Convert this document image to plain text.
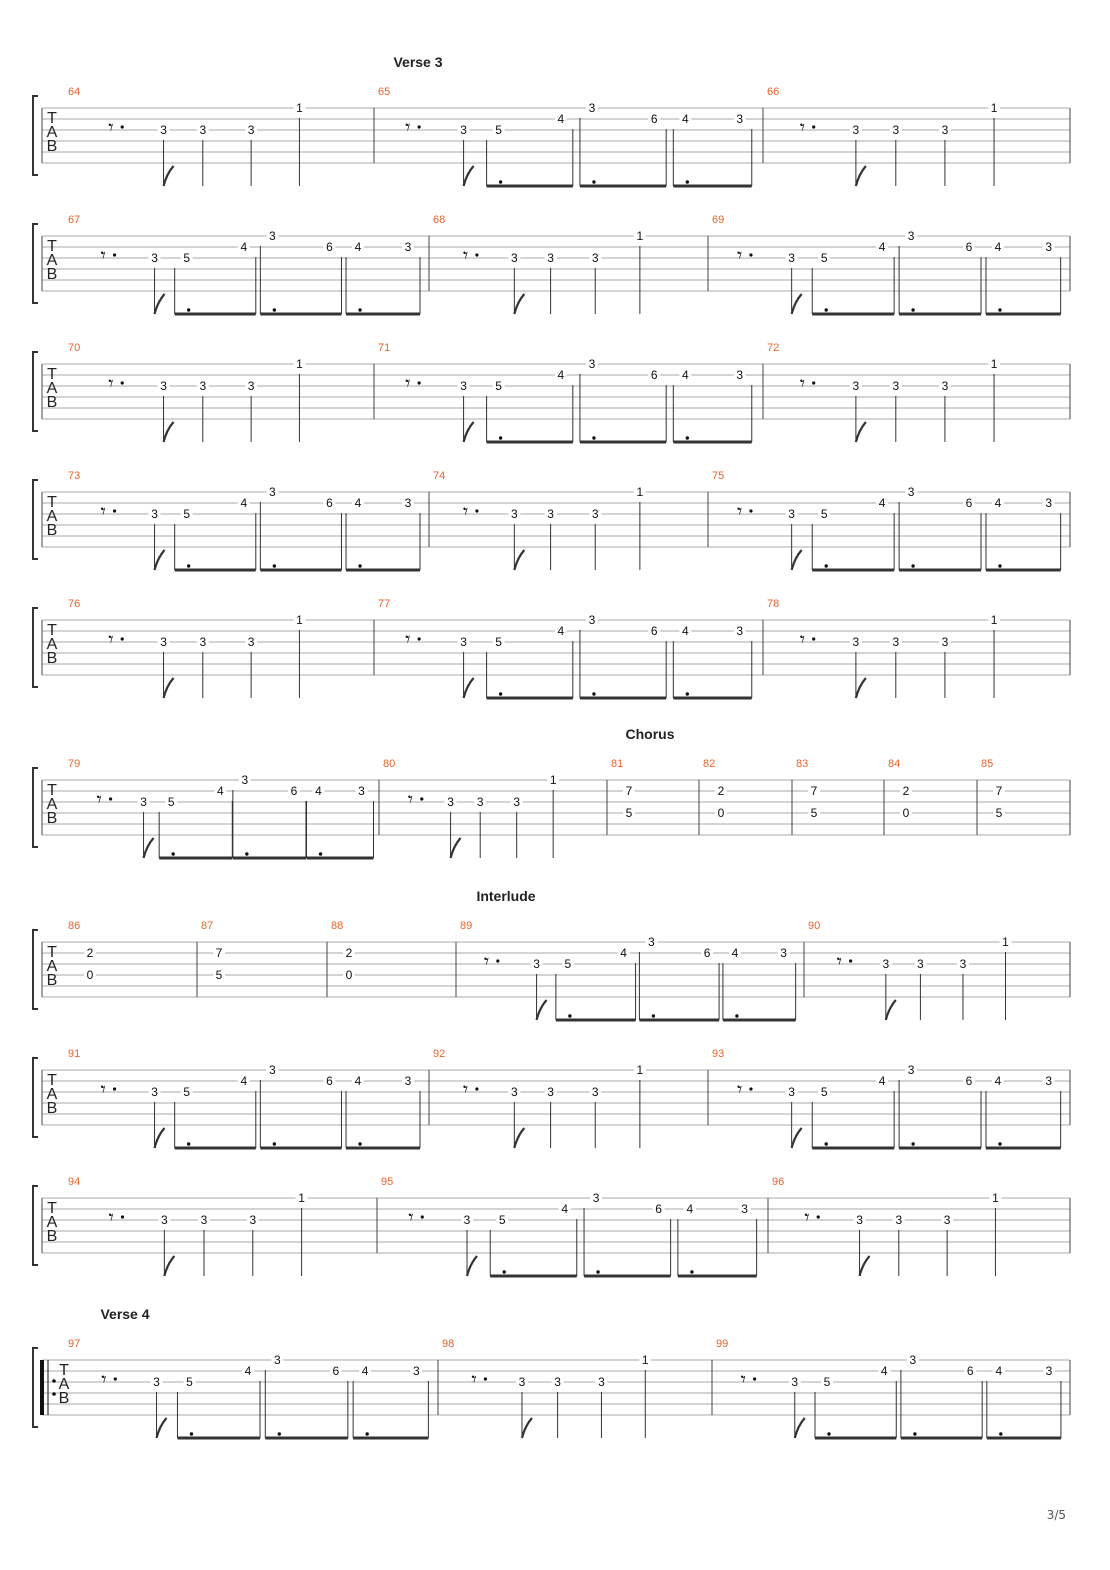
Verse 3
T
A
B
64
𝄾	3	3	3
1
65
𝄾	3 5
4
3
6 4	3
66
𝄾	3	3	3
1
T
A
B
67
𝄾	3 5
4
3
6 4	3
68
𝄾	3 3	3
1
69
𝄾	3 5
4
3
6 4	3
T
A
B
70
𝄾	3	3	3
1
71
𝄾	3 5
4
3
6 4	3
72
𝄾	3	3	3
1
T
A
B
73
𝄾	3 5
4
3
6 4	3
74
𝄾	3 3	3
1
75
𝄾	3 5
4
3
6 4	3
T
A
B
76
𝄾	3	3	3
1
77
𝄾	3 5
4
3
6 4	3
78
𝄾	3	3	3
1
Chorus
T
A
B
79
𝄾	3 5
4
3
6 4	3
80
𝄾	3 3 3
1
81
7
5
82
2
0
83
7
5
84
2
0
85
7
5
Interlude
T
A
B
86
2
0
87
7
5
88
2
0
89
𝄾	3 5
4
3
6 4	3
90
𝄾	3 3	3
1
T
A
B
91
𝄾	3 5
4
3
6 4	3
92
𝄾	3 3	3
1
93
𝄾	3 5
4
3
6 4	3
T
A
B
94
𝄾	3	3	3
1
95
𝄾	3 5
4
3
6 4	3
96
𝄾	3	3	3
1
Verse 4
T
A
B
97
𝄾	3 5
4
3
6 4	3
98
𝄾	3 3	3
1
99
𝄾	3 5
4
3
6 4	3
3/5
